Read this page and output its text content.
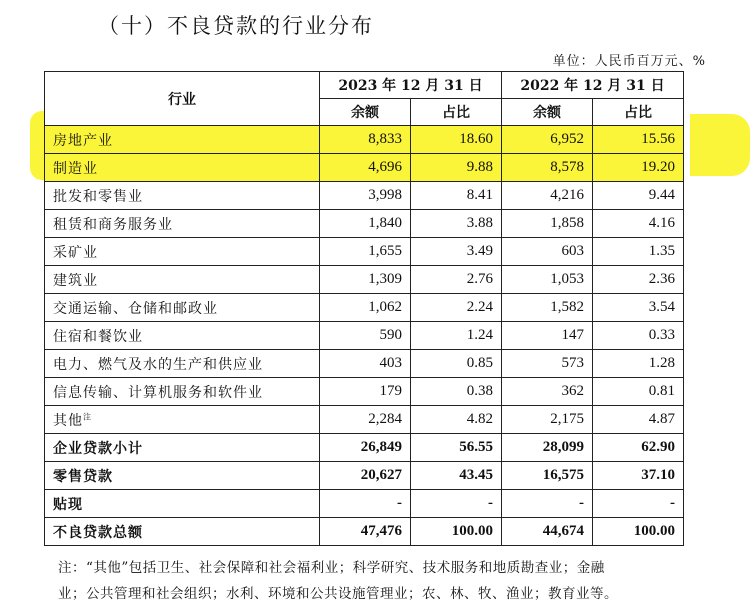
（十）不良贷款的行业分布
单位：人民币百万元、%
行业	2023 年 12 月 31 日		2022 年 12 月 31 日	
	余额	占比	余额	占比
房地产业	8,833	18.60	6,952	15.56
制造业	4,696	9.88	8,578	19.20
批发和零售业	3,998	8.41	4,216	9.44
租赁和商务服务业	1,840	3.88	1,858	4.16
采矿业	1,655	3.49	603	1.35
建筑业	1,309	2.76	1,053	2.36
交通运输、仓储和邮政业	1,062	2.24	1,582	3.54
住宿和餐饮业	590	1.24	147	0.33
电力、燃气及水的生产和供应业	403	0.85	573	1.28
信息传输、计算机服务和软件业	179	0.38	362	0.81
其他$^注$	2,284	4.82	2,175	4.87
企业贷款小计	26,849	56.55	28,099	62.90
零售贷款	20,627	43.45	16,575	37.10
贴现	-	-	-	-
不良贷款总额	47,476	100.00	44,674	100.00
注：“其他”包括卫生、社会保障和社会福利业；科学研究、技术服务和地质勘查业；金融
业；公共管理和社会组织；水利、环境和公共设施管理业；农、林、牧、渔业；教育业等。
